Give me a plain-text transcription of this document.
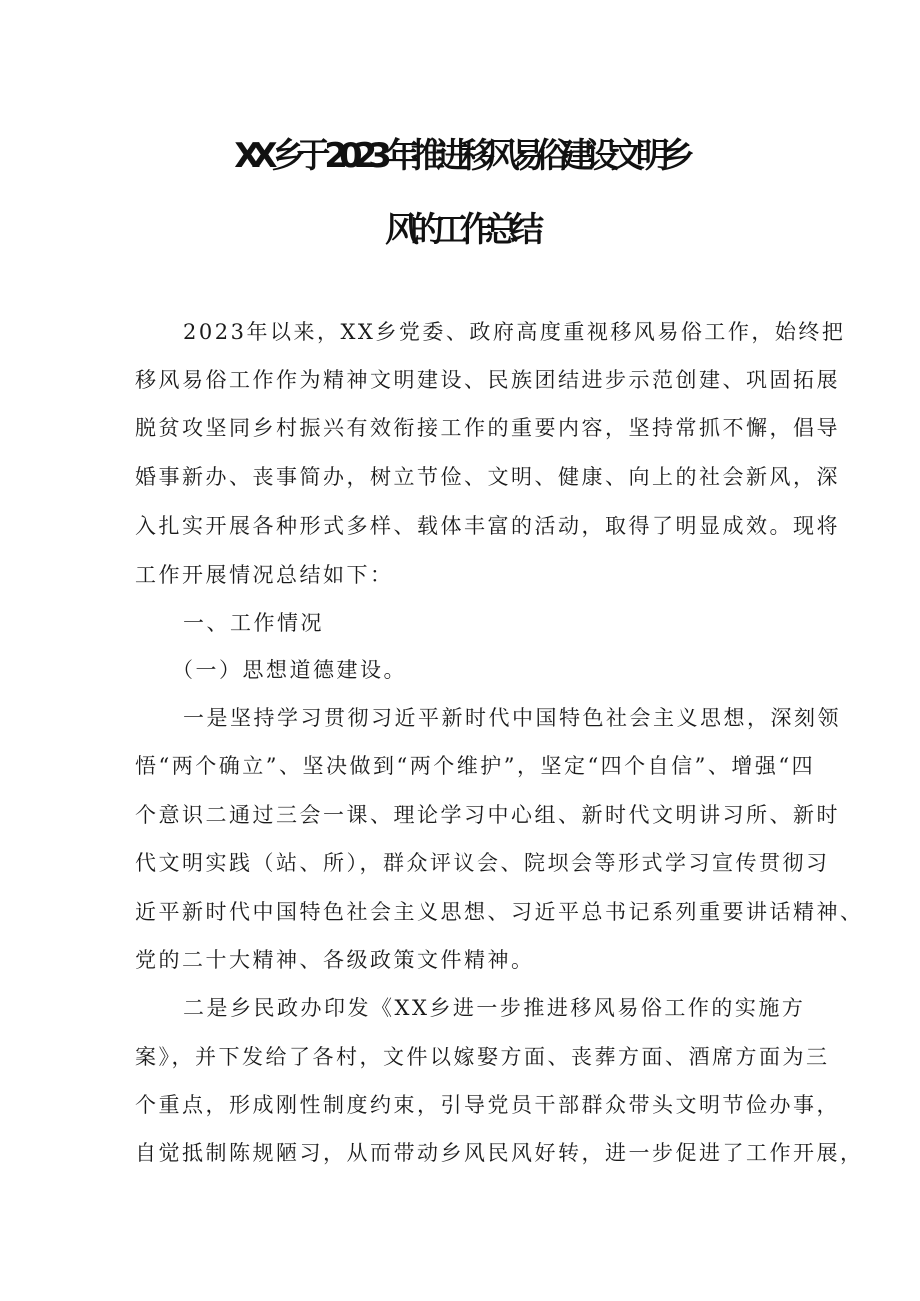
XX 乡于 2023 年推进移风易俗建设文明乡
风的工作总结
2023年以来，XX乡党委、政府高度重视移风易俗工作，始终把
移风易俗工作作为精神文明建设、民族团结进步示范创建、巩固拓展
脱贫攻坚同乡村振兴有效衔接工作的重要内容，坚持常抓不懈，倡导
婚事新办、丧事简办，树立节俭、文明、健康、向上的社会新风，深
入扎实开展各种形式多样、载体丰富的活动，取得了明显成效。现将
工作开展情况总结如下：
一、工作情况
（一）思想道德建设。
一是坚持学习贯彻习近平新时代中国特色社会主义思想，深刻领
悟“两个确立”、坚决做到“两个维护”，坚定“四个自信”、增强“四
个意识二通过三会一课、理论学习中心组、新时代文明讲习所、新时
代文明实践（站、所），群众评议会、院坝会等形式学习宣传贯彻习
近平新时代中国特色社会主义思想、习近平总书记系列重要讲话精神、
党的二十大精神、各级政策文件精神。
二是乡民政办印发《XX乡进一步推进移风易俗工作的实施方
案》，并下发给了各村，文件以嫁娶方面、丧葬方面、酒席方面为三
个重点，形成刚性制度约束，引导党员干部群众带头文明节俭办事，
自觉抵制陈规陋习，从而带动乡风民风好转，进一步促进了工作开展，
